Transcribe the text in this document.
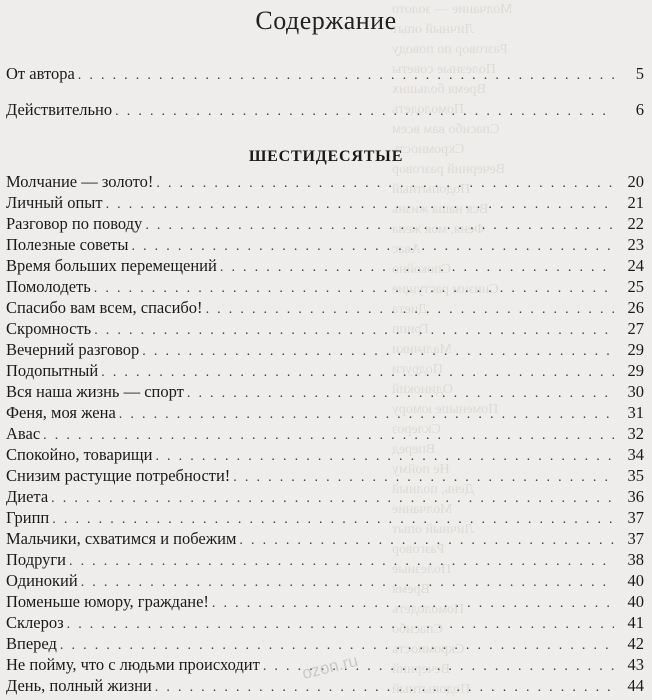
Молчание — золото
Личный опыт
Разговор по поводу
Полезные советы
Время больших
Помолодеть
Спасибо вам всем
Скромность
Вечерний разговор
Подопытный
Вся наша жизнь
Феня, моя жена
Авас
Спокойно
Снизим растущие
Диета
Грипп
Мальчики
Подруги
Одинокий
Поменьше юмору
Склероз
Вперед
Не пойму
День, полный
Молчание
Личный опыт
Разговор
Полезные
Время
Помолодеть
Спасибо
Скромность
Вечерний
Подопытный
Содержание
От автора . . .	5
Действительно . . .	6
ШЕСТИДЕСЯТЫЕ
Молчание — золото! . . .	20
Личный опыт . . .	21
Разговор по поводу . . .	22
Полезные советы . . .	23
Время больших перемещений . . .	24
Помолодеть . . .	25
Спасибо вам всем, спасибо! . . .	26
Скромность . . .	27
Вечерний разговор . . .	29
Подопытный . . .	29
Вся наша жизнь — спорт . . .	30
Феня, моя жена . . .	31
Авас . . .	32
Спокойно, товарищи . . .	34
Снизим растущие потребности! . . .	35
Диета . . .	36
Грипп . . .	37
Мальчики, схватимся и побежим . . .	37
Подруги . . .	38
Одинокий . . .	40
Поменьше юмору, граждане! . . .	40
Склероз . . .	41
Вперед . . .	42
Не пойму, что с людьми происходит . . .	43
День, полный жизни . . .	44
ozon.ru
